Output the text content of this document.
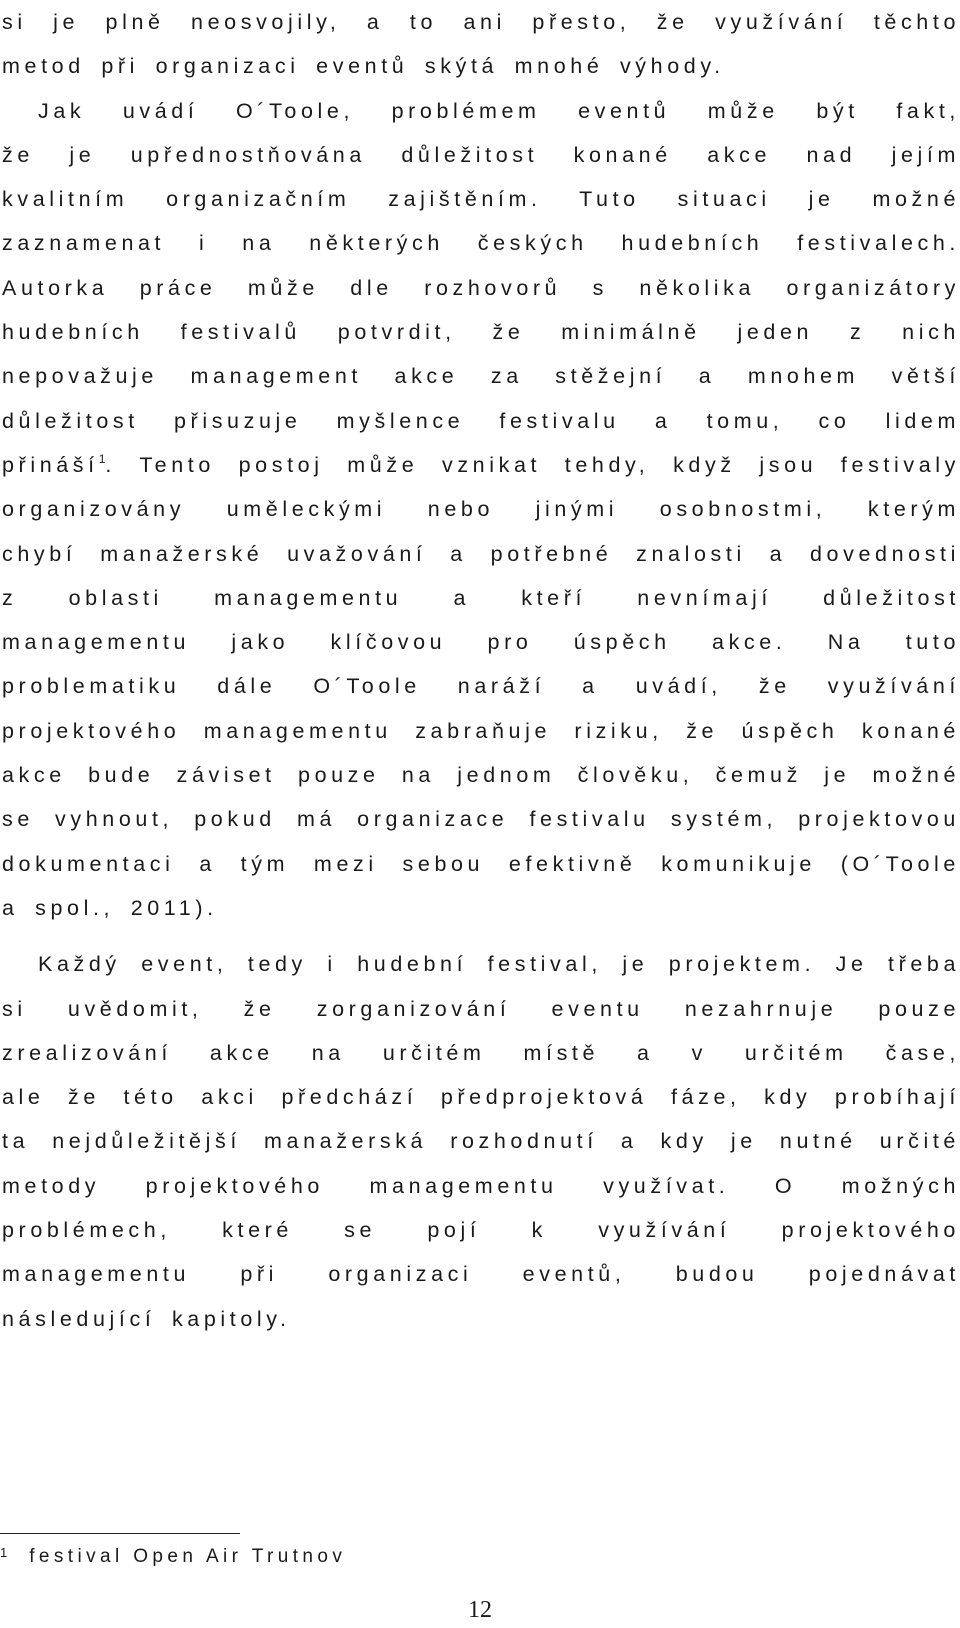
si je plně neosvojily, a to ani přesto, že využívání těchto
metod při organizaci eventů skýtá mnohé výhody.
Jak uvádí O´Toole, problémem eventů může být fakt,
že je upřednostňována důležitost konané akce nad jejím
kvalitním organizačním zajištěním. Tuto situaci je možné
zaznamenat i na některých českých hudebních festivalech.
Autorka práce může dle rozhovorů s několika organizátory
hudebních festivalů potvrdit, že minimálně jeden z nich
nepovažuje management akce za stěžejní a mnohem větší
důležitost přisuzuje myšlence festivalu a tomu, co lidem
přináší$^1$. Tento postoj může vznikat tehdy, když jsou festivaly
organizovány uměleckými nebo jinými osobnostmi, kterým
chybí manažerské uvažování a potřebné znalosti a dovednosti
z oblasti managementu a kteří nevnímají důležitost
managementu jako klíčovou pro úspěch akce. Na tuto
problematiku dále O´Toole naráží a uvádí, že využívání
projektového managementu zabraňuje riziku, že úspěch konané
akce bude záviset pouze na jednom člověku, čemuž je možné
se vyhnout, pokud má organizace festivalu systém, projektovou
dokumentaci a tým mezi sebou efektivně komunikuje (O´Toole
a spol., 2011).
Každý event, tedy i hudební festival, je projektem. Je třeba
si uvědomit, že zorganizování eventu nezahrnuje pouze
zrealizování akce na určitém místě a v určitém čase,
ale že této akci předchází předprojektová fáze, kdy probíhají
ta nejdůležitější manažerská rozhodnutí a kdy je nutné určité
metody projektového managementu využívat. O možných
problémech, které se pojí k využívání projektového
managementu při organizaci eventů, budou pojednávat
následující kapitoly.
$^1$ festival Open Air Trutnov
12
